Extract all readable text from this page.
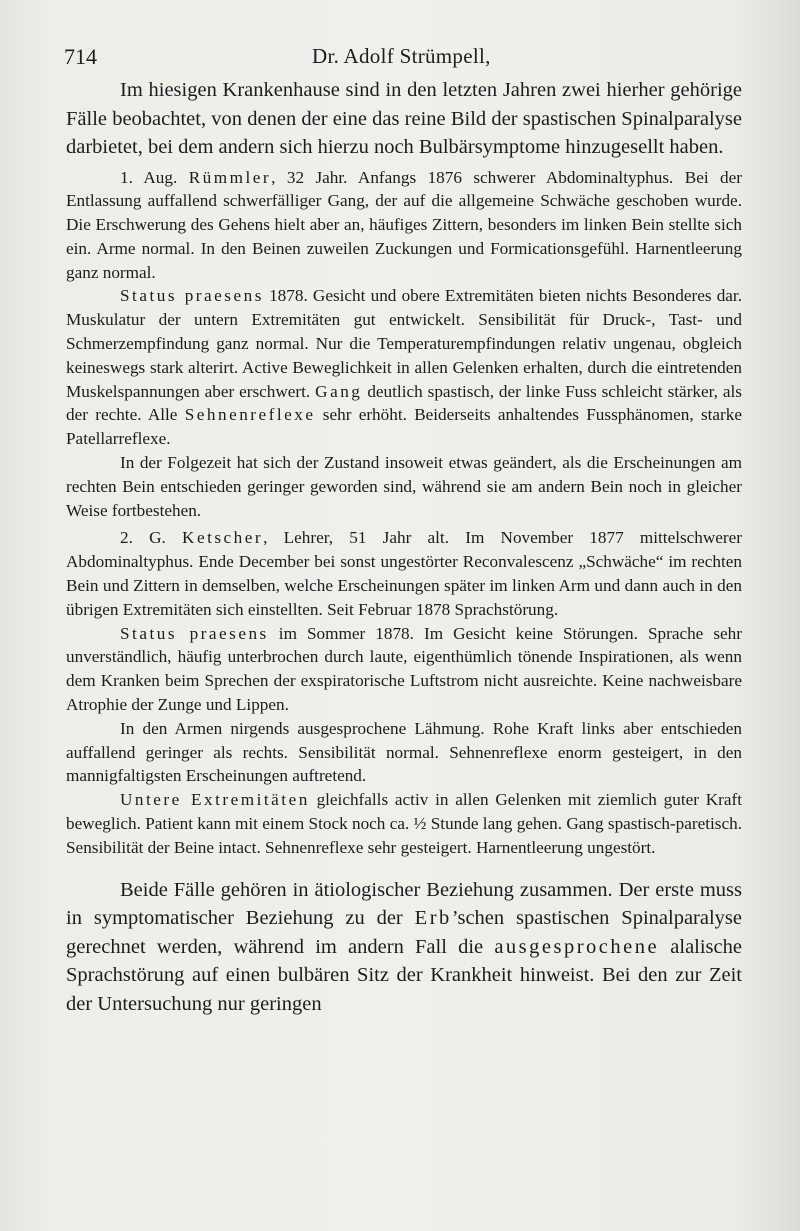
714	Dr. Adolf Strümpell,

Im hiesigen Krankenhause sind in den letzten Jahren zwei hierher gehörige Fälle beobachtet, von denen der eine das reine Bild der spastischen Spinalparalyse darbietet, bei dem andern sich hierzu noch Bulbärsymptome hinzugesellt haben.

1. Aug. Rümmler, 32 Jahr. Anfangs 1876 schwerer Abdominaltyphus. Bei der Entlassung auffallend schwerfälliger Gang, der auf die allgemeine Schwäche geschoben wurde. Die Erschwerung des Gehens hielt aber an, häufiges Zittern, besonders im linken Bein stellte sich ein. Arme normal. In den Beinen zuweilen Zuckungen und Formicationsgefühl. Harnentleerung ganz normal.

Status praesens 1878. Gesicht und obere Extremitäten bieten nichts Besonderes dar. Muskulatur der untern Extremitäten gut entwickelt. Sensibilität für Druck-, Tast- und Schmerzempfindung ganz normal. Nur die Temperaturempfindungen relativ ungenau, obgleich keineswegs stark alterirt. Active Beweglichkeit in allen Gelenken erhalten, durch die eintretenden Muskelspannungen aber erschwert. Gang deutlich spastisch, der linke Fuss schleicht stärker, als der rechte. Alle Sehnenreflexe sehr erhöht. Beiderseits anhaltendes Fussphänomen, starke Patellarreflexe.

In der Folgezeit hat sich der Zustand insoweit etwas geändert, als die Erscheinungen am rechten Bein entschieden geringer geworden sind, während sie am andern Bein noch in gleicher Weise fortbestehen.

2. G. Ketscher, Lehrer, 51 Jahr alt. Im November 1877 mittelschwerer Abdominaltyphus. Ende December bei sonst ungestörter Reconvalescenz „Schwäche“ im rechten Bein und Zittern in demselben, welche Erscheinungen später im linken Arm und dann auch in den übrigen Extremitäten sich einstellten. Seit Februar 1878 Sprachstörung.

Status praesens im Sommer 1878. Im Gesicht keine Störungen. Sprache sehr unverständlich, häufig unterbrochen durch laute, eigenthümlich tönende Inspirationen, als wenn dem Kranken beim Sprechen der exspiratorische Luftstrom nicht ausreichte. Keine nachweisbare Atrophie der Zunge und Lippen.

In den Armen nirgends ausgesprochene Lähmung. Rohe Kraft links aber entschieden auffallend geringer als rechts. Sensibilität normal. Sehnenreflexe enorm gesteigert, in den mannigfaltigsten Erscheinungen auftretend.

Untere Extremitäten gleichfalls activ in allen Gelenken mit ziemlich guter Kraft beweglich. Patient kann mit einem Stock noch ca. ½ Stunde lang gehen. Gang spastisch-paretisch. Sensibilität der Beine intact. Sehnenreflexe sehr gesteigert. Harnentleerung ungestört.

Beide Fälle gehören in ätiologischer Beziehung zusammen. Der erste muss in symptomatischer Beziehung zu der Erb’schen spastischen Spinalparalyse gerechnet werden, während im andern Fall die ausgesprochene alalische Sprachstörung auf einen bulbären Sitz der Krankheit hinweist. Bei den zur Zeit der Untersuchung nur geringen
